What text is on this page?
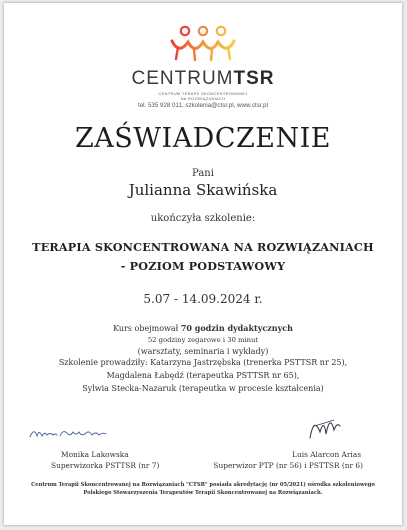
CENTRUMTSR
CENTRUM TERAPII SKONCENTROWANEJ
NA ROZWIĄZANIACH
tel. 535 928 011, szkolenia@ctsr.pl, www.ctsr.pl
ZAŚWIADCZENIE
Pani
Julianna Skawińska
ukończyła szkolenie:
TERAPIA SKONCENTROWANA NA ROZWIĄZANIACH
- POZIOM PODSTAWOWY
5.07 - 14.09.2024 r.
Kurs obejmował 70 godzin dydaktycznych
52 godziny zegarowe i 30 minut
(warsztaty, seminaria i wykłady)
Szkolenie prowadziły: Katarzyna Jastrzębska (trenerka PSTTSR nr 25),
Magdalena Łabędź (terapeutka PSTTSR nr 65),
Sylwia Stecka-Nazaruk (terapeutka w procesie kształcenia)
Monika Lakowska
Superwizorka PSTTSR (nr 7)
Luis Alarcon Arias
Superwizor PTP (nr 56) i PSTTSR (nr 6)
Centrum Terapii Skoncentrowanej na Rozwiązaniach "CTSR" posiada akredytację (nr 05/2021) ośrodka szkoleniowego
Polskiego Stowarzyszenia Terapeutów Terapii Skoncentrowanej na Rozwiązaniach.
